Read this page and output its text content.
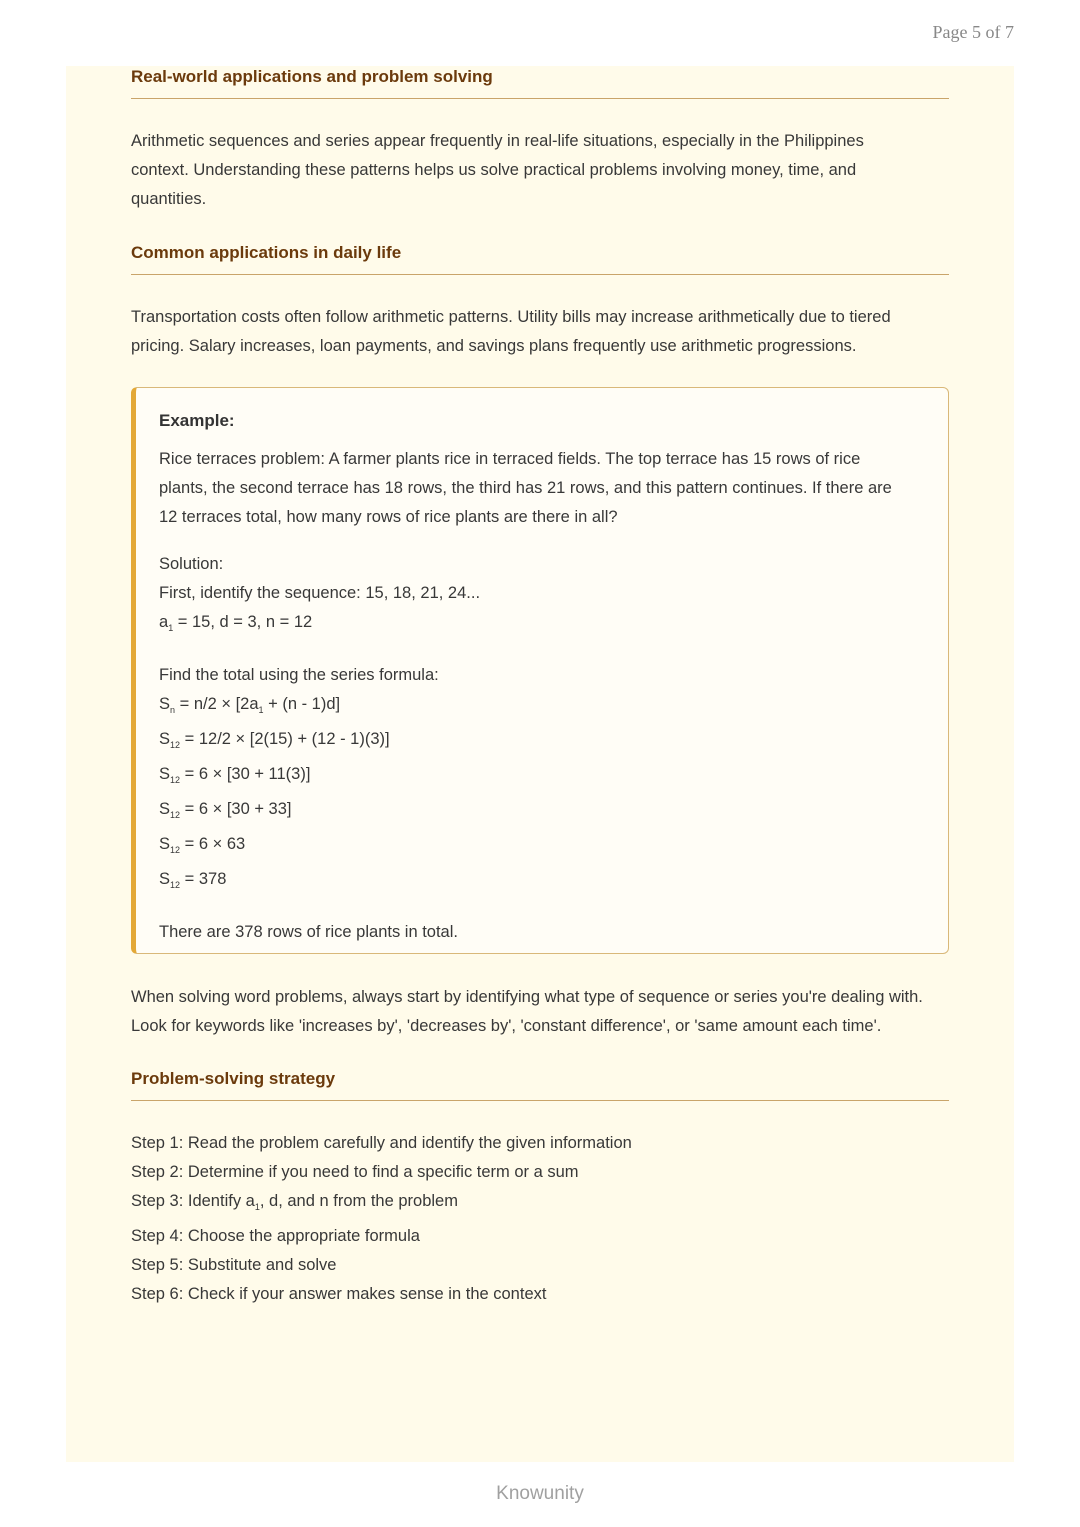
Page 5 of 7
Real-world applications and problem solving

Arithmetic sequences and series appear frequently in real-life situations, especially in the Philippines

context. Understanding these patterns helps us solve practical problems involving money, time, and

quantities.

Common applications in daily life

Transportation costs often follow arithmetic patterns. Utility bills may increase arithmetically due to tiered

pricing. Salary increases, loan payments, and savings plans frequently use arithmetic progressions.

Example:

Rice terraces problem: A farmer plants rice in terraced fields. The top terrace has 15 rows of rice

plants, the second terrace has 18 rows, the third has 21 rows, and this pattern continues. If there are

12 terraces total, how many rows of rice plants are there in all?

Solution:

First, identify the sequence: 15, 18, 21, 24...

$a_1 = 15$, d = 3, n = 12

Find the total using the series formula:

$S_n = n/2 \times [2a_1 + (n - 1)d]$

$S_{12} = 12/2 \times [2(15) + (12 - 1)(3)]$

$S_{12} = 6 \times [30 + 11(3)]$

$S_{12} = 6 \times [30 + 33]$

$S_{12} = 6 \times 63$

$S_{12} = 378$

There are 378 rows of rice plants in total.

When solving word problems, always start by identifying what type of sequence or series you're dealing with.

Look for keywords like 'increases by', 'decreases by', 'constant difference', or 'same amount each time'.

Problem-solving strategy

Step 1: Read the problem carefully and identify the given information

Step 2: Determine if you need to find a specific term or a sum

Step 3: Identify $a_1$, d, and n from the problem

Step 4: Choose the appropriate formula

Step 5: Substitute and solve

Step 6: Check if your answer makes sense in the context

Knowunity
